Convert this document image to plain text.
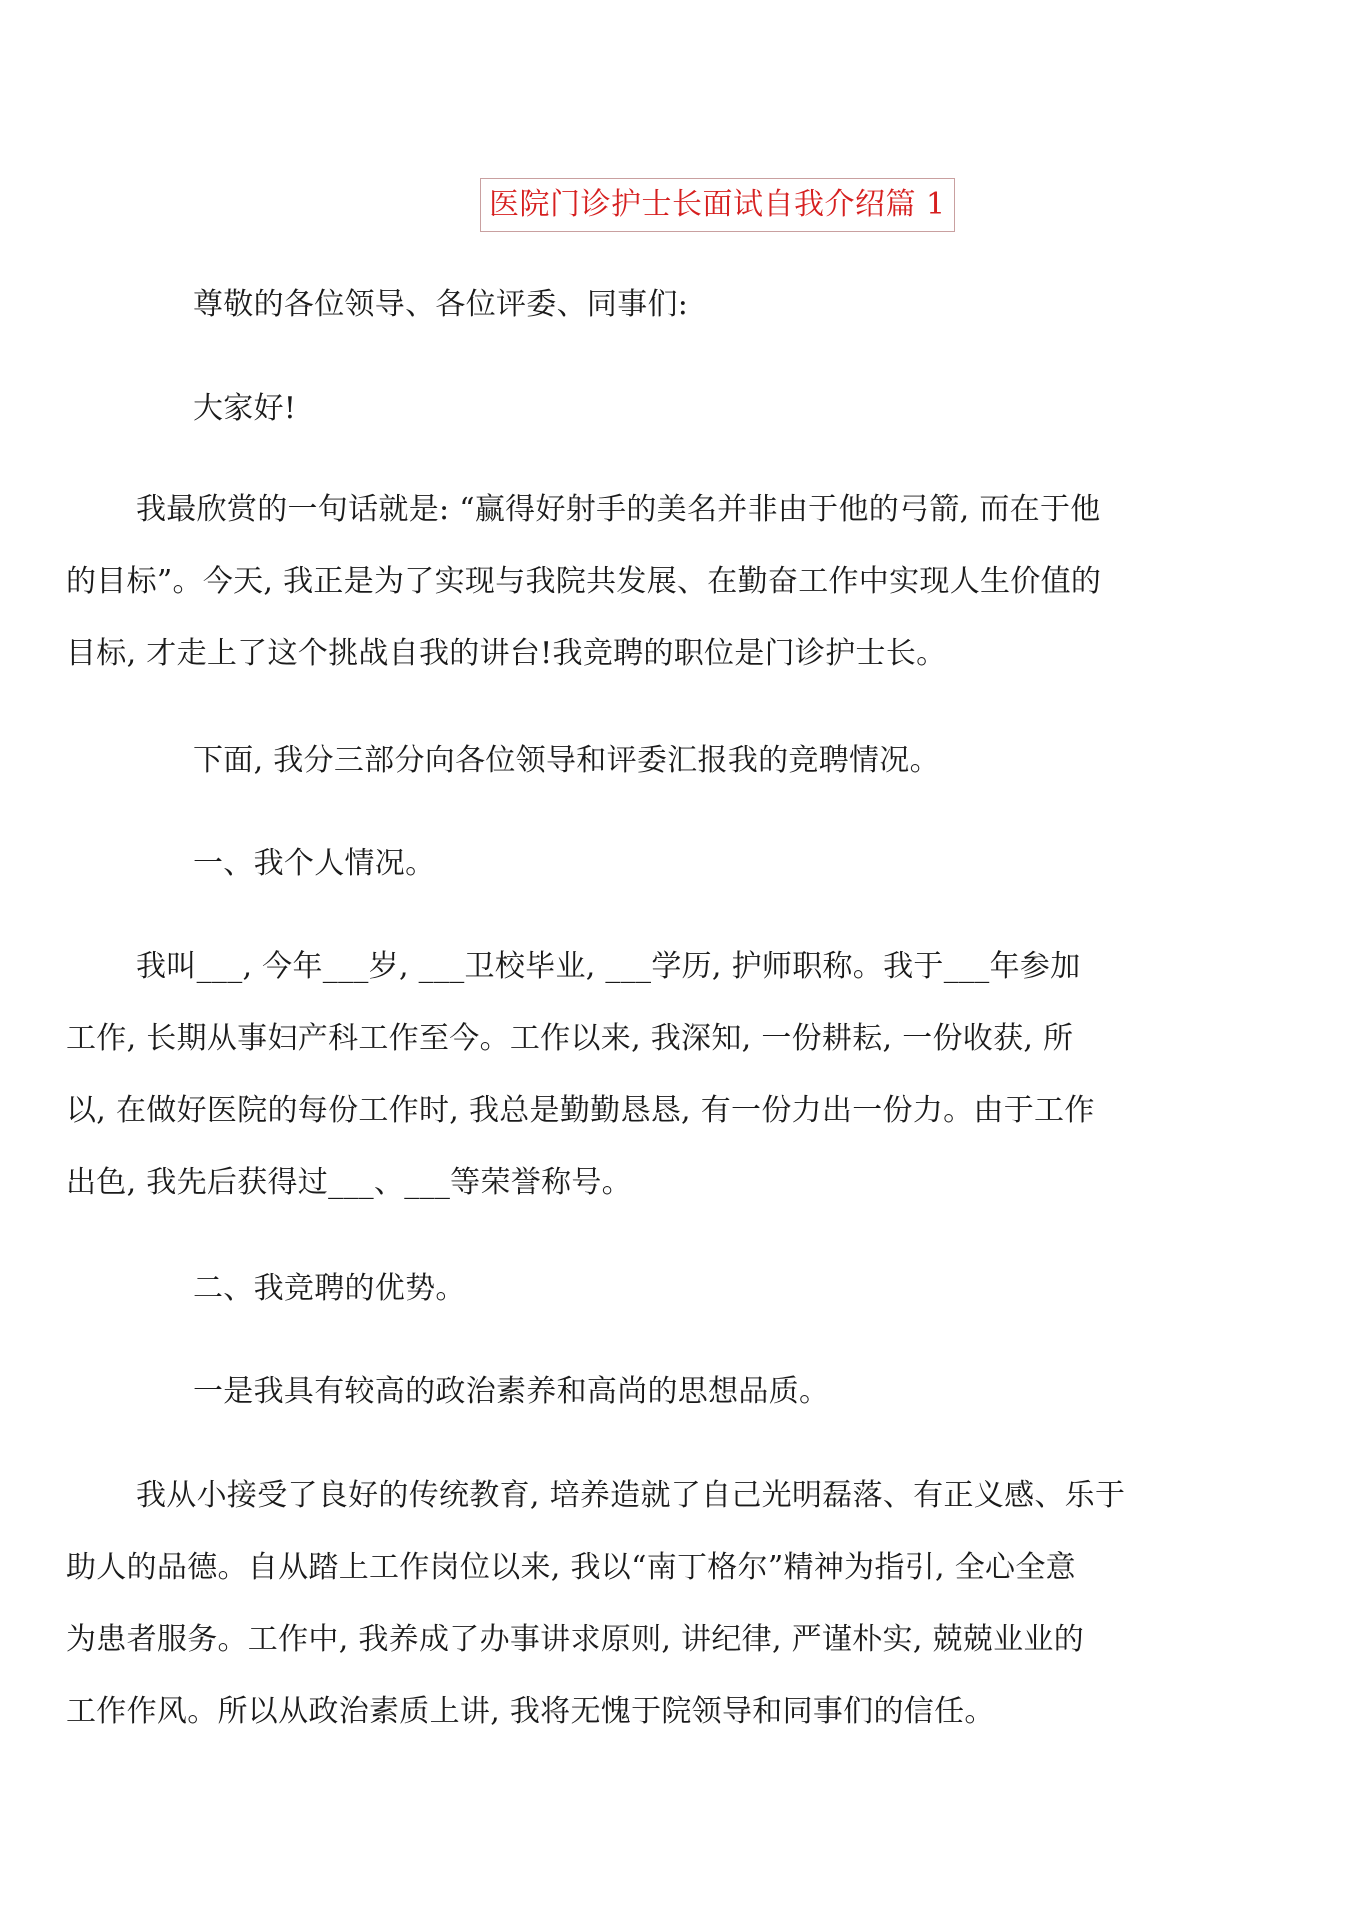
医院门诊护士长面试自我介绍篇 1

尊敬的各位领导、各位评委、同事们:

大家好!

我最欣赏的一句话就是: “赢得好射手的美名并非由于他的弓箭, 而在于他
的目标”。今天, 我正是为了实现与我院共发展、在勤奋工作中实现人生价值的
目标, 才走上了这个挑战自我的讲台!我竞聘的职位是门诊护士长。

下面, 我分三部分向各位领导和评委汇报我的竞聘情况。

一、我个人情况。

我叫___, 今年___岁, ___卫校毕业, ___学历, 护师职称。我于___年参加
工作, 长期从事妇产科工作至今。工作以来, 我深知, 一份耕耘, 一份收获, 所
以, 在做好医院的每份工作时, 我总是勤勤恳恳, 有一份力出一份力。由于工作
出色, 我先后获得过___、___等荣誉称号。

二、我竞聘的优势。

一是我具有较高的政治素养和高尚的思想品质。

我从小接受了良好的传统教育, 培养造就了自己光明磊落、有正义感、乐于
助人的品德。自从踏上工作岗位以来, 我以“南丁格尔”精神为指引, 全心全意
为患者服务。工作中, 我养成了办事讲求原则, 讲纪律, 严谨朴实, 兢兢业业的
工作作风。所以从政治素质上讲, 我将无愧于院领导和同事们的信任。
